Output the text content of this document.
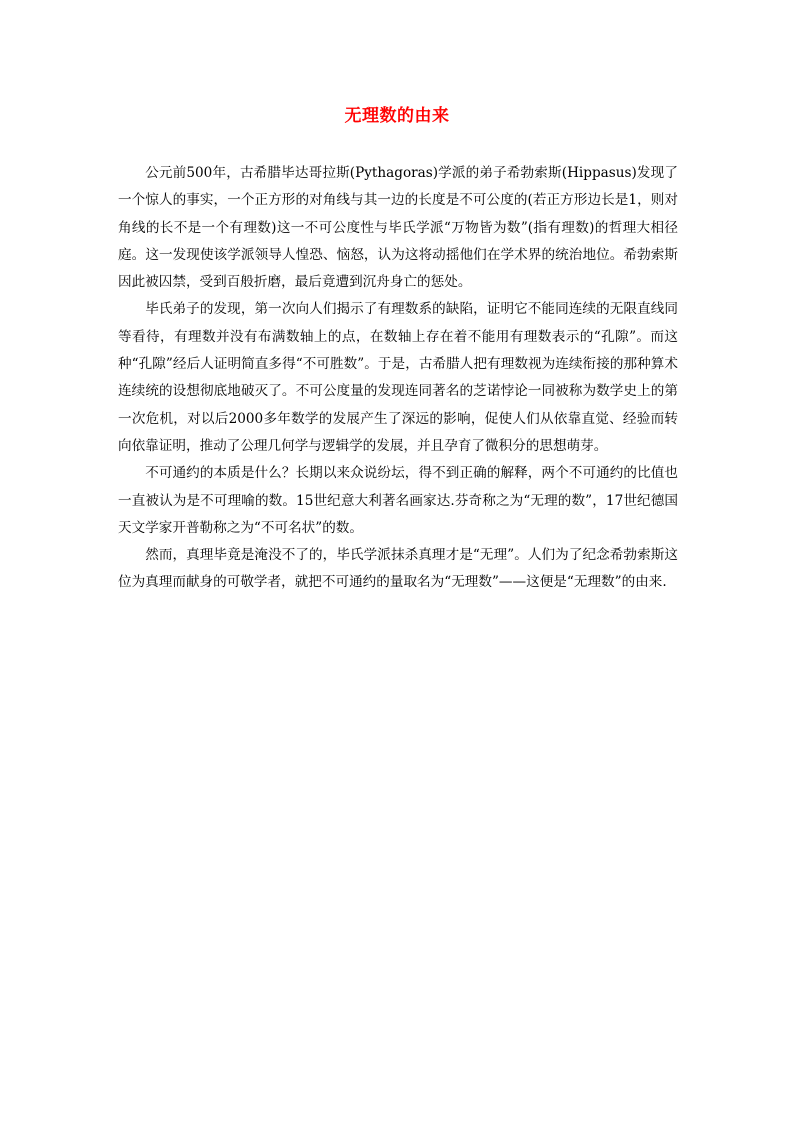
无理数的由来

公元前500年，古希腊毕达哥拉斯(Pythagoras)学派的弟子希勃索斯(Hippasus)发现了一个惊人的事实，一个正方形的对角线与其一边的长度是不可公度的(若正方形边长是1，则对角线的长不是一个有理数)这一不可公度性与毕氏学派“万物皆为数”(指有理数)的哲理大相径庭。这一发现使该学派领导人惶恐、恼怒，认为这将动摇他们在学术界的统治地位。希勃索斯因此被囚禁，受到百般折磨，最后竟遭到沉舟身亡的惩处。

毕氏弟子的发现，第一次向人们揭示了有理数系的缺陷，证明它不能同连续的无限直线同等看待，有理数并没有布满数轴上的点，在数轴上存在着不能用有理数表示的“孔隙”。而这种“孔隙”经后人证明简直多得“不可胜数”。于是，古希腊人把有理数视为连续衔接的那种算术连续统的设想彻底地破灭了。不可公度量的发现连同著名的芝诺悖论一同被称为数学史上的第一次危机，对以后2000多年数学的发展产生了深远的影响，促使人们从依靠直觉、经验而转向依靠证明，推动了公理几何学与逻辑学的发展，并且孕育了微积分的思想萌芽。

不可通约的本质是什么？长期以来众说纷坛，得不到正确的解释，两个不可通约的比值也一直被认为是不可理喻的数。15世纪意大利著名画家达.芬奇称之为“无理的数”，17世纪德国天文学家开普勒称之为“不可名状”的数。

然而，真理毕竟是淹没不了的，毕氏学派抹杀真理才是“无理”。人们为了纪念希勃索斯这位为真理而献身的可敬学者，就把不可通约的量取名为“无理数”——这便是“无理数”的由来.
